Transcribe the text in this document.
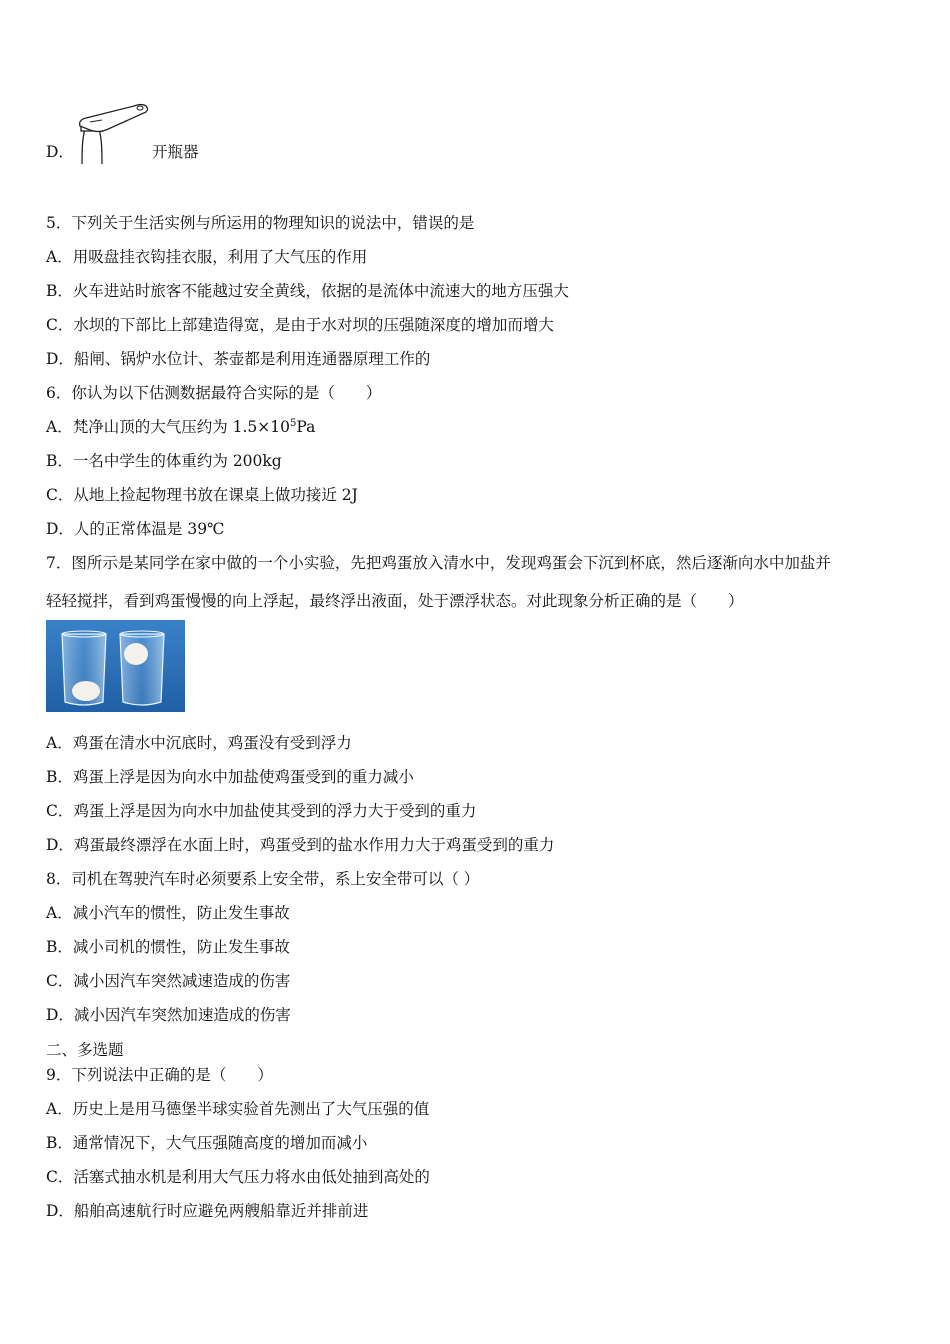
D．	开瓶器
5．下列关于生活实例与所运用的物理知识的说法中，错误的是
A．用吸盘挂衣钩挂衣服，利用了大气压的作用
B．火车进站时旅客不能越过安全黄线，依据的是流体中流速大的地方压强大
C．水坝的下部比上部建造得宽，是由于水对坝的压强随深度的增加而增大
D．船闸、锅炉水位计、茶壶都是利用连通器原理工作的
6．你认为以下估测数据最符合实际的是（　　）
A．梵净山顶的大气压约为 $1.5\times 10^5Pa$
B．一名中学生的体重约为 200kg
C．从地上捡起物理书放在课桌上做功接近 2J
D．人的正常体温是 39℃
7．图所示是某同学在家中做的一个小实验，先把鸡蛋放入清水中，发现鸡蛋会下沉到杯底，然后逐渐向水中加盐并
轻轻搅拌，看到鸡蛋慢慢的向上浮起，最终浮出液面，处于漂浮状态。对此现象分析正确的是（　　）
A．鸡蛋在清水中沉底时，鸡蛋没有受到浮力
B．鸡蛋上浮是因为向水中加盐使鸡蛋受到的重力减小
C．鸡蛋上浮是因为向水中加盐使其受到的浮力大于受到的重力
D．鸡蛋最终漂浮在水面上时，鸡蛋受到的盐水作用力大于鸡蛋受到的重力
8．司机在驾驶汽车时必须要系上安全带，系上安全带可以（ ）
A．减小汽车的惯性，防止发生事故
B．减小司机的惯性，防止发生事故
C．减小因汽车突然减速造成的伤害
D．减小因汽车突然加速造成的伤害
二、多选题
9．下列说法中正确的是（　　）
A．历史上是用马德堡半球实验首先测出了大气压强的值
B．通常情况下，大气压强随高度的增加而减小
C．活塞式抽水机是利用大气压力将水由低处抽到高处的
D．船舶高速航行时应避免两艘船靠近并排前进
